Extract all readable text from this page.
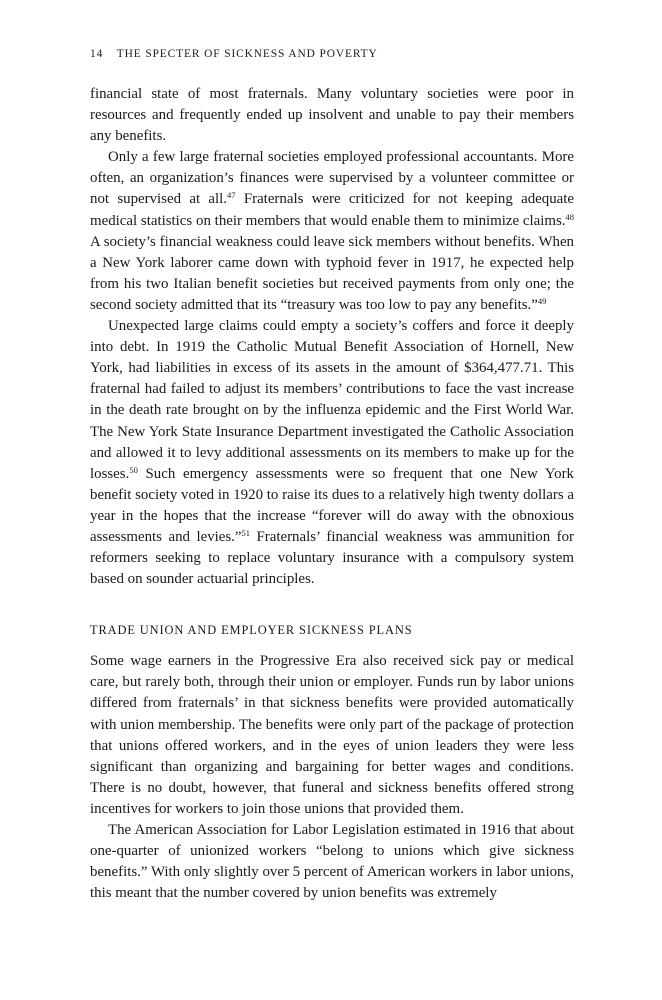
14 THE SPECTER OF SICKNESS AND POVERTY

financial state of most fraternals. Many voluntary societies were poor in resources and frequently ended up insolvent and unable to pay their members any benefits.

Only a few large fraternal societies employed professional accountants. More often, an organization’s finances were supervised by a volunteer committee or not supervised at all.$^{47}$ Fraternals were criticized for not keeping adequate medical statistics on their members that would enable them to minimize claims.$^{48}$ A society’s financial weakness could leave sick members without benefits. When a New York laborer came down with typhoid fever in 1917, he expected help from his two Italian benefit societies but received payments from only one; the second society admitted that its “treasury was too low to pay any benefits.”$^{49}$

Unexpected large claims could empty a society’s coffers and force it deeply into debt. In 1919 the Catholic Mutual Benefit Association of Hornell, New York, had liabilities in excess of its assets in the amount of $364,477.71. This fraternal had failed to adjust its members’ contributions to face the vast increase in the death rate brought on by the influenza epidemic and the First World War. The New York State Insurance Department investigated the Catholic Association and allowed it to levy additional assessments on its members to make up for the losses.$^{50}$ Such emergency assessments were so frequent that one New York benefit society voted in 1920 to raise its dues to a relatively high twenty dollars a year in the hopes that the increase “forever will do away with the obnoxious assessments and levies.”$^{51}$ Fraternals’ financial weakness was ammunition for reformers seeking to replace voluntary insurance with a compulsory system based on sounder actuarial principles.

TRADE UNION AND EMPLOYER SICKNESS PLANS

Some wage earners in the Progressive Era also received sick pay or medical care, but rarely both, through their union or employer. Funds run by labor unions differed from fraternals’ in that sickness benefits were provided automatically with union membership. The benefits were only part of the package of protection that unions offered workers, and in the eyes of union leaders they were less significant than organizing and bargaining for better wages and conditions. There is no doubt, however, that funeral and sickness benefits offered strong incentives for workers to join those unions that provided them.

The American Association for Labor Legislation estimated in 1916 that about one-quarter of unionized workers “belong to unions which give sickness benefits.” With only slightly over 5 percent of American workers in labor unions, this meant that the number covered by union benefits was extremely
